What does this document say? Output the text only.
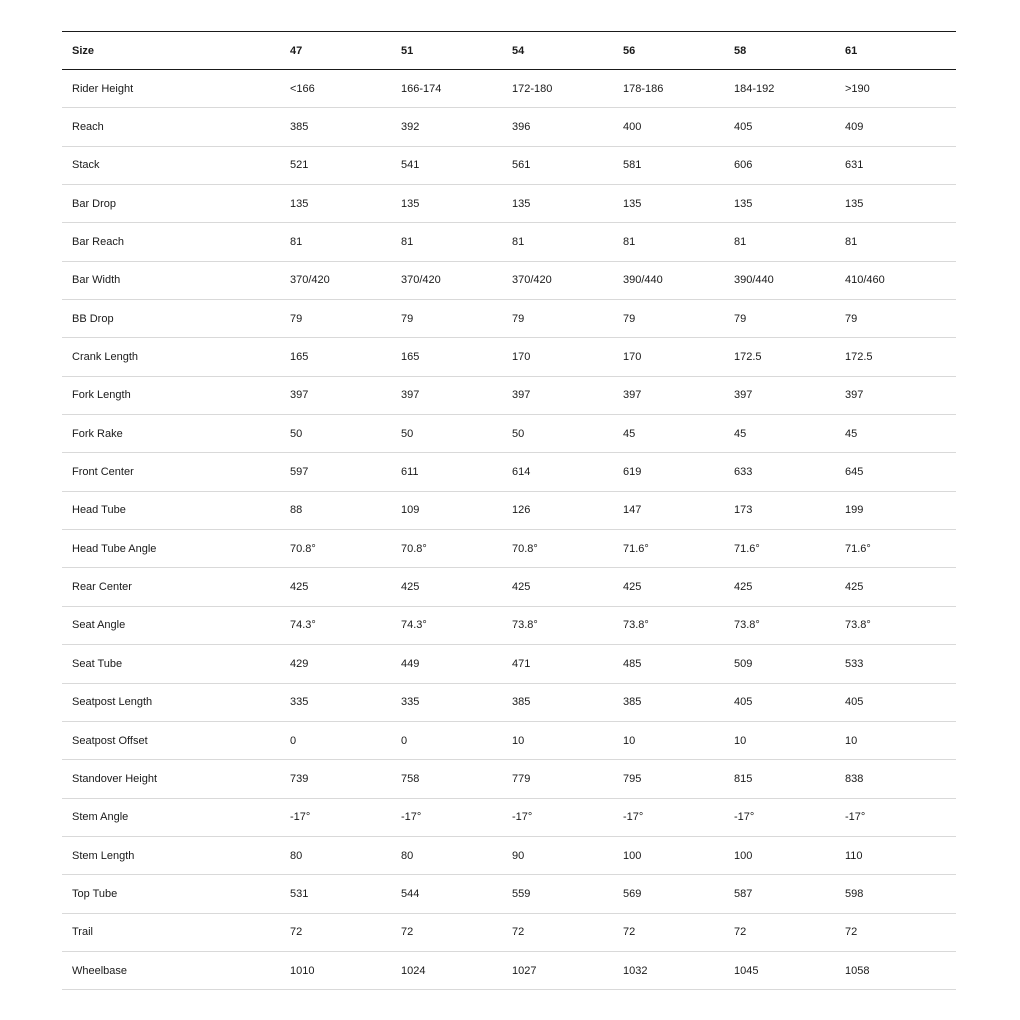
Size	47	51	54	56	58	61
Rider Height	<166	166-174	172-180	178-186	184-192	>190
Reach	385	392	396	400	405	409
Stack	521	541	561	581	606	631
Bar Drop	135	135	135	135	135	135
Bar Reach	81	81	81	81	81	81
Bar Width	370/420	370/420	370/420	390/440	390/440	410/460
BB Drop	79	79	79	79	79	79
Crank Length	165	165	170	170	172.5	172.5
Fork Length	397	397	397	397	397	397
Fork Rake	50	50	50	45	45	45
Front Center	597	611	614	619	633	645
Head Tube	88	109	126	147	173	199
Head Tube Angle	70.8°	70.8°	70.8°	71.6°	71.6°	71.6°
Rear Center	425	425	425	425	425	425
Seat Angle	74.3°	74.3°	73.8°	73.8°	73.8°	73.8°
Seat Tube	429	449	471	485	509	533
Seatpost Length	335	335	385	385	405	405
Seatpost Offset	0	0	10	10	10	10
Standover Height	739	758	779	795	815	838
Stem Angle	-17°	-17°	-17°	-17°	-17°	-17°
Stem Length	80	80	90	100	100	110
Top Tube	531	544	559	569	587	598
Trail	72	72	72	72	72	72
Wheelbase	1010	1024	1027	1032	1045	1058
